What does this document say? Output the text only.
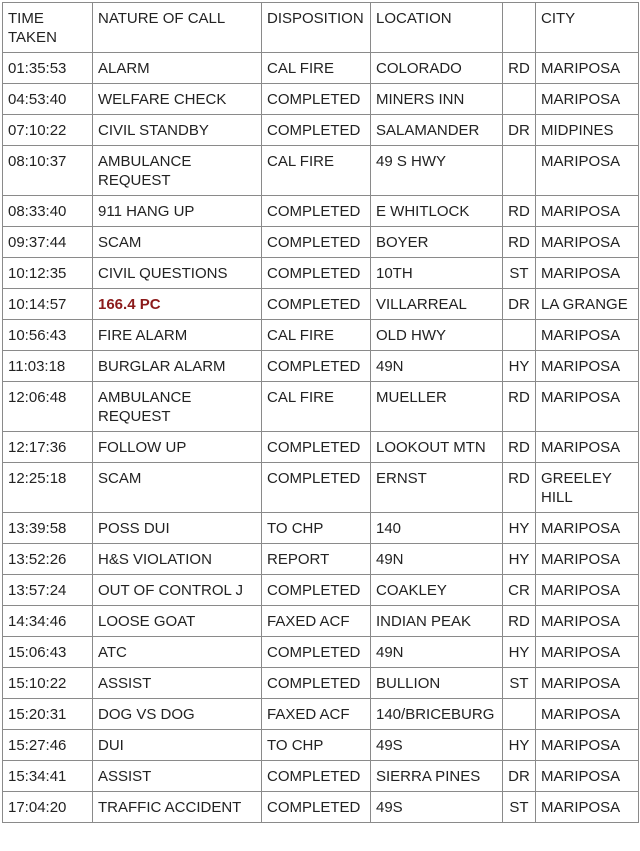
TIME TAKEN	NATURE OF CALL	DISPOSITION	LOCATION		CITY
01:35:53	ALARM	CAL FIRE	COLORADO	RD	MARIPOSA
04:53:40	WELFARE CHECK	COMPLETED	MINERS INN		MARIPOSA
07:10:22	CIVIL STANDBY	COMPLETED	SALAMANDER	DR	MIDPINES
08:10:37	AMBULANCE REQUEST	CAL FIRE	49 S HWY		MARIPOSA
08:33:40	911 HANG UP	COMPLETED	E WHITLOCK	RD	MARIPOSA
09:37:44	SCAM	COMPLETED	BOYER	RD	MARIPOSA
10:12:35	CIVIL QUESTIONS	COMPLETED	10TH	ST	MARIPOSA
10:14:57	166.4 PC	COMPLETED	VILLARREAL	DR	LA GRANGE
10:56:43	FIRE ALARM	CAL FIRE	OLD HWY		MARIPOSA
11:03:18	BURGLAR ALARM	COMPLETED	49N	HY	MARIPOSA
12:06:48	AMBULANCE REQUEST	CAL FIRE	MUELLER	RD	MARIPOSA
12:17:36	FOLLOW UP	COMPLETED	LOOKOUT MTN	RD	MARIPOSA
12:25:18	SCAM	COMPLETED	ERNST	RD	GREELEY HILL
13:39:58	POSS DUI	TO CHP	140	HY	MARIPOSA
13:52:26	H&S VIOLATION	REPORT	49N	HY	MARIPOSA
13:57:24	OUT OF CONTROL J	COMPLETED	COAKLEY	CR	MARIPOSA
14:34:46	LOOSE GOAT	FAXED ACF	INDIAN PEAK	RD	MARIPOSA
15:06:43	ATC	COMPLETED	49N	HY	MARIPOSA
15:10:22	ASSIST	COMPLETED	BULLION	ST	MARIPOSA
15:20:31	DOG VS DOG	FAXED ACF	140/BRICEBURG		MARIPOSA
15:27:46	DUI	TO CHP	49S	HY	MARIPOSA
15:34:41	ASSIST	COMPLETED	SIERRA PINES	DR	MARIPOSA
17:04:20	TRAFFIC ACCIDENT	COMPLETED	49S	ST	MARIPOSA
